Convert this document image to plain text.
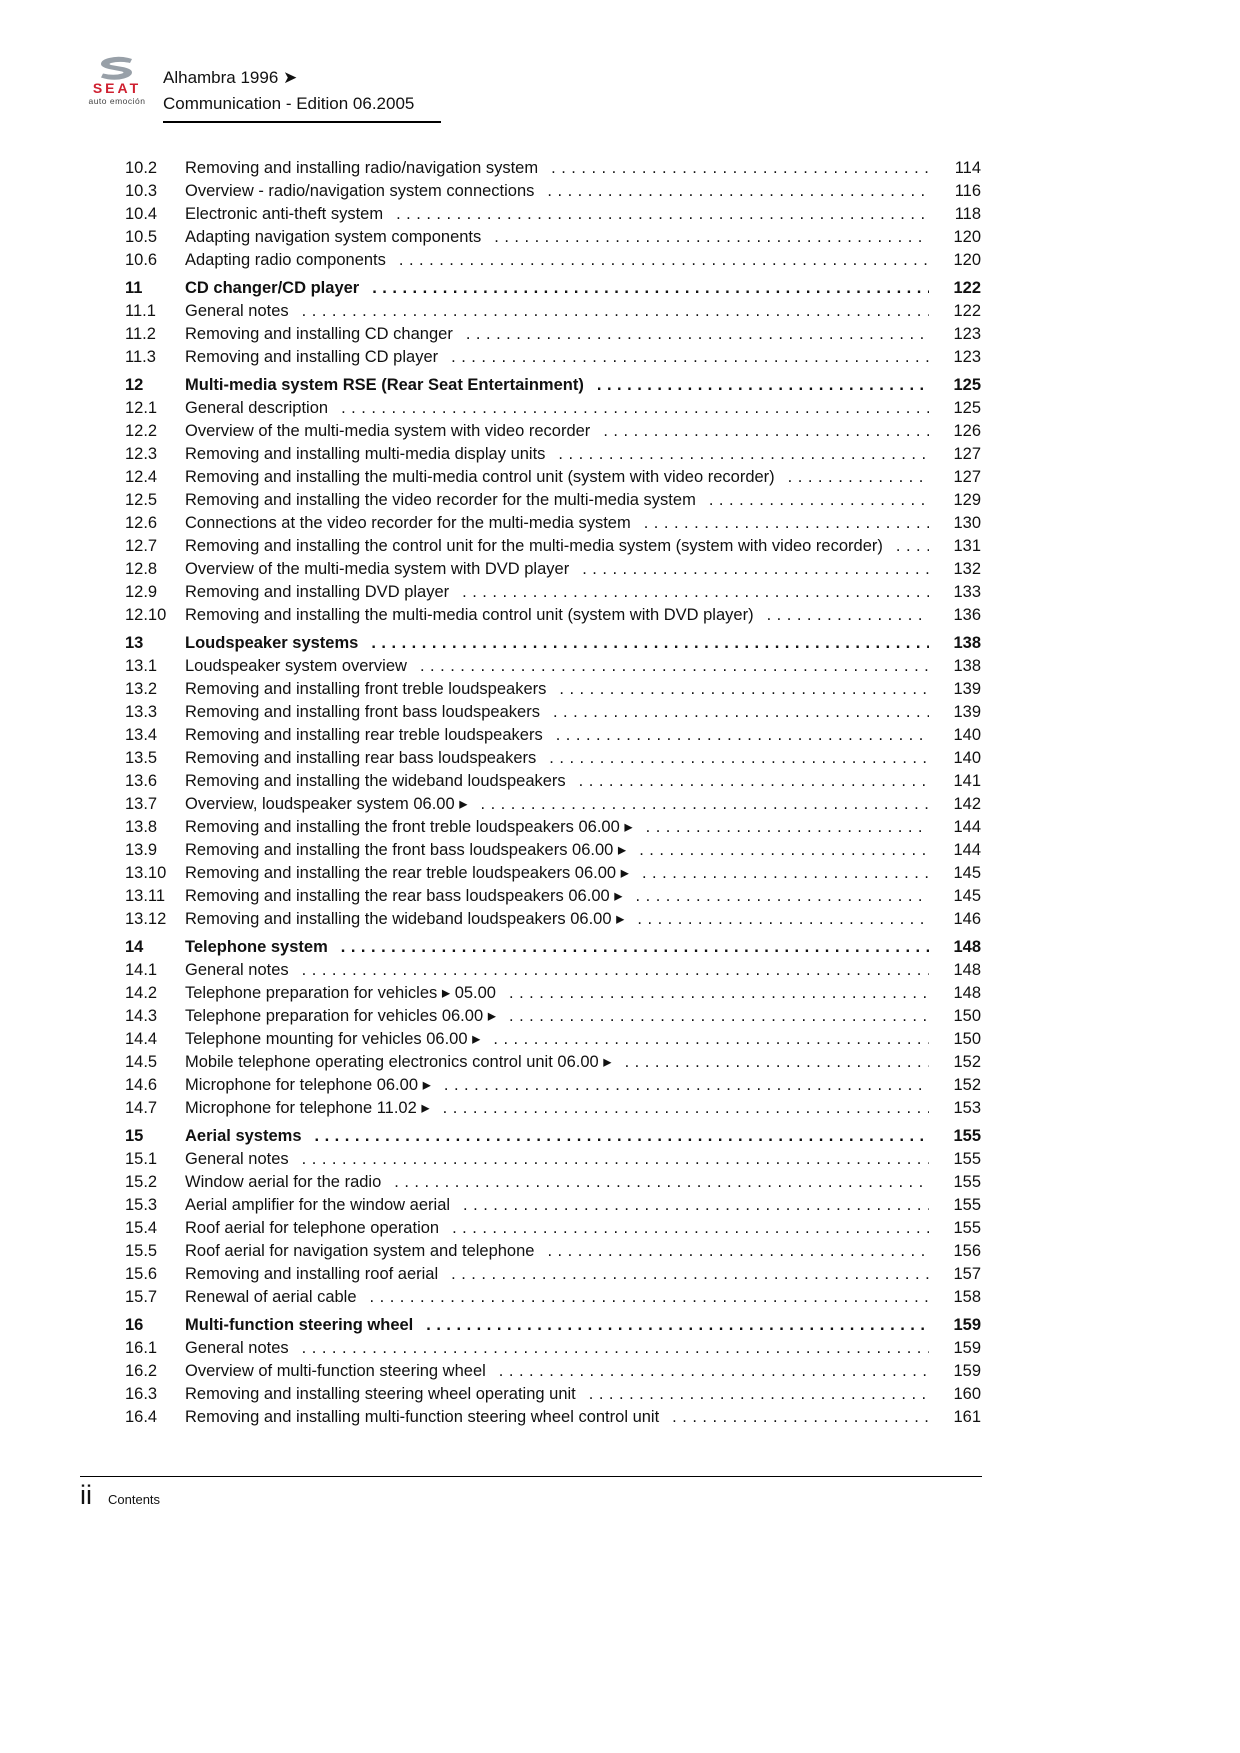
SEAT
auto emoción
Alhambra 1996 ➤
Communication - Edition 06.2005
10.2	Removing and installing radio/navigation system .....	114
10.3	Overview - radio/navigation system connections .....	116
10.4	Electronic anti-theft system .....	118
10.5	Adapting navigation system components .....	120
10.6	Adapting radio components .....	120
11	CD changer/CD player .....	122
11.1	General notes .....	122
11.2	Removing and installing CD changer .....	123
11.3	Removing and installing CD player .....	123
12	Multi-media system RSE (Rear Seat Entertainment) .....	125
12.1	General description .....	125
12.2	Overview of the multi-media system with video recorder .....	126
12.3	Removing and installing multi-media display units .....	127
12.4	Removing and installing the multi-media control unit (system with video recorder) .....	127
12.5	Removing and installing the video recorder for the multi-media system .....	129
12.6	Connections at the video recorder for the multi-media system .....	130
12.7	Removing and installing the control unit for the multi-media system (system with video recorder) .....	131
12.8	Overview of the multi-media system with DVD player .....	132
12.9	Removing and installing DVD player .....	133
12.10	Removing and installing the multi-media control unit (system with DVD player) .....	136
13	Loudspeaker systems .....	138
13.1	Loudspeaker system overview .....	138
13.2	Removing and installing front treble loudspeakers .....	139
13.3	Removing and installing front bass loudspeakers .....	139
13.4	Removing and installing rear treble loudspeakers .....	140
13.5	Removing and installing rear bass loudspeakers .....	140
13.6	Removing and installing the wideband loudspeakers .....	141
13.7	Overview, loudspeaker system 06.00 ▸ .....	142
13.8	Removing and installing the front treble loudspeakers 06.00 ▸ .....	144
13.9	Removing and installing the front bass loudspeakers 06.00 ▸ .....	144
13.10	Removing and installing the rear treble loudspeakers 06.00 ▸ .....	145
13.11	Removing and installing the rear bass loudspeakers 06.00 ▸ .....	145
13.12	Removing and installing the wideband loudspeakers 06.00 ▸ .....	146
14	Telephone system .....	148
14.1	General notes .....	148
14.2	Telephone preparation for vehicles ▸ 05.00 .....	148
14.3	Telephone preparation for vehicles 06.00 ▸ .....	150
14.4	Telephone mounting for vehicles 06.00 ▸ .....	150
14.5	Mobile telephone operating electronics control unit 06.00 ▸ .....	152
14.6	Microphone for telephone 06.00 ▸ .....	152
14.7	Microphone for telephone 11.02 ▸ .....	153
15	Aerial systems .....	155
15.1	General notes .....	155
15.2	Window aerial for the radio .....	155
15.3	Aerial amplifier for the window aerial .....	155
15.4	Roof aerial for telephone operation .....	155
15.5	Roof aerial for navigation system and telephone .....	156
15.6	Removing and installing roof aerial .....	157
15.7	Renewal of aerial cable .....	158
16	Multi-function steering wheel .....	159
16.1	General notes .....	159
16.2	Overview of multi-function steering wheel .....	159
16.3	Removing and installing steering wheel operating unit .....	160
16.4	Removing and installing multi-function steering wheel control unit .....	161
ii Contents
